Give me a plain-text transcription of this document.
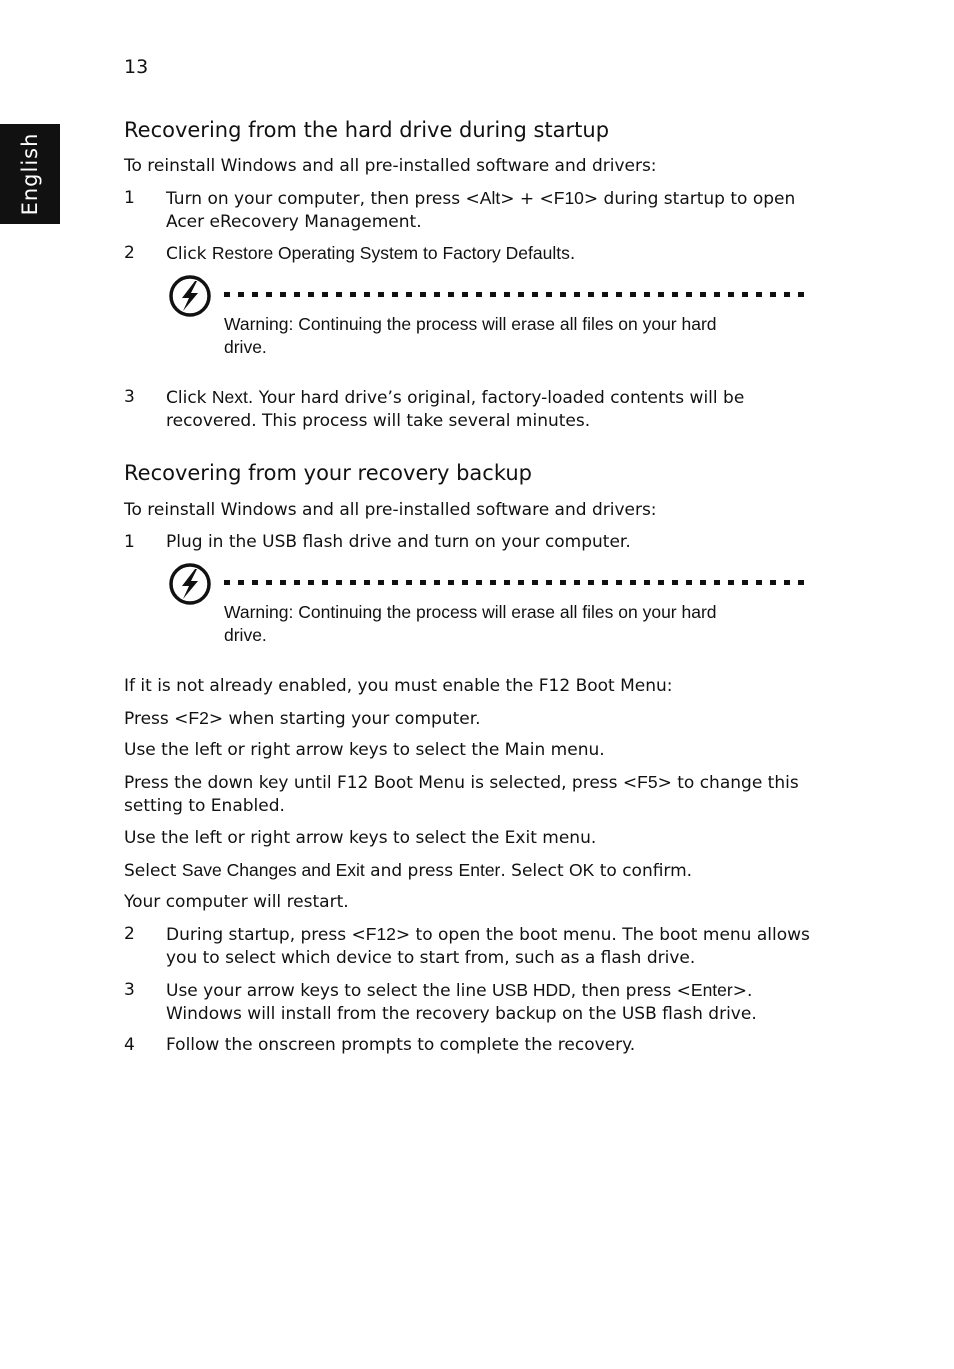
English
13
Recovering from the hard drive during startup
To reinstall Windows and all pre-installed software and drivers:
1 Turn on your computer, then press <Alt> + <F10> during startup to open
Acer eRecovery Management.
2 Click Restore Operating System to Factory Defaults.
Warning: Continuing the process will erase all files on your hard
drive.
3 Click Next. Your hard drive’s original, factory-loaded contents will be
recovered. This process will take several minutes.
Recovering from your recovery backup
To reinstall Windows and all pre-installed software and drivers:
1 Plug in the USB flash drive and turn on your computer.
Warning: Continuing the process will erase all files on your hard
drive.
If it is not already enabled, you must enable the F12 Boot Menu:
Press <F2> when starting your computer.
Use the left or right arrow keys to select the Main menu.
Press the down key until F12 Boot Menu is selected, press <F5> to change this
setting to Enabled.
Use the left or right arrow keys to select the Exit menu.
Select Save Changes and Exit and press Enter. Select OK to confirm.
Your computer will restart.
2 During startup, press <F12> to open the boot menu. The boot menu allows
you to select which device to start from, such as a flash drive.
3 Use your arrow keys to select the line USB HDD, then press <Enter>.
Windows will install from the recovery backup on the USB flash drive.
4 Follow the onscreen prompts to complete the recovery.
